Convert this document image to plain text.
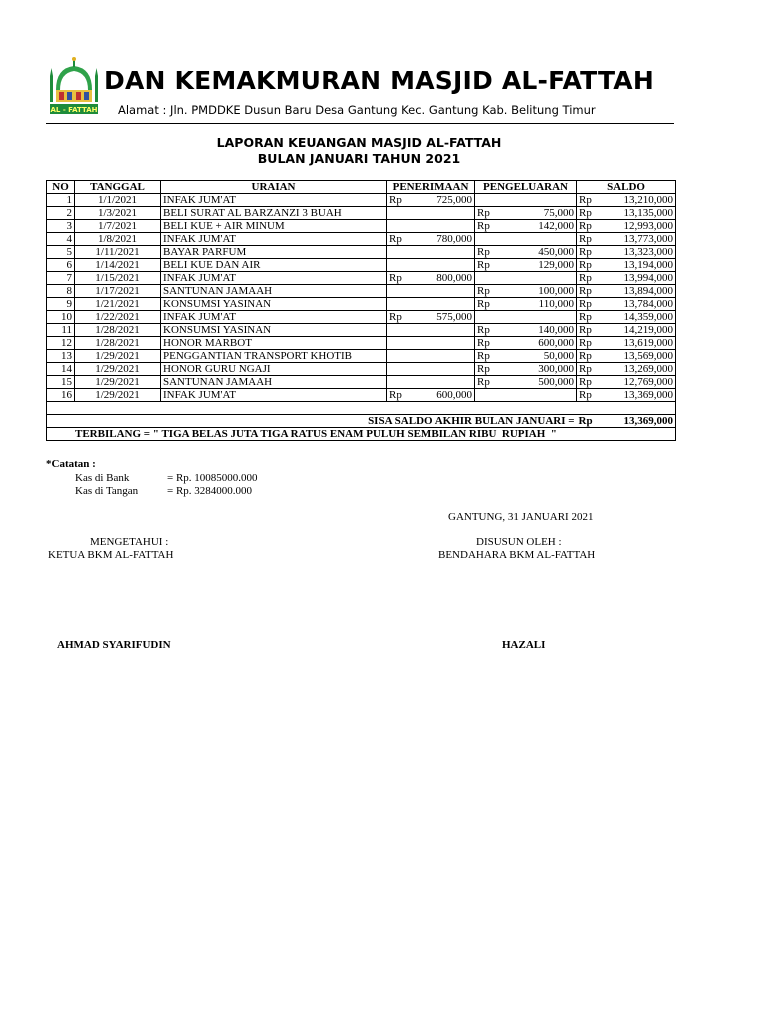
AL - FATTAH
DAN KEMAKMURAN MASJID AL-FATTAH
Alamat : Jln. PMDDKE Dusun Baru Desa Gantung Kec. Gantung Kab. Belitung Timur
LAPORAN KEUANGAN MASJID AL-FATTAH
BULAN JANUARI TAHUN 2021
NO	TANGGAL	URAIAN	PENERIMAAN		PENGELUARAN		SALDO	
1	1/1/2021	INFAK JUM'AT	Rp	725,000			Rp	13,210,000
2	1/3/2021	BELI SURAT AL BARZANZI 3 BUAH			Rp	75,000	Rp	13,135,000
3	1/7/2021	BELI KUE + AIR MINUM			Rp	142,000	Rp	12,993,000
4	1/8/2021	INFAK JUM'AT	Rp	780,000			Rp	13,773,000
5	1/11/2021	BAYAR PARFUM			Rp	450,000	Rp	13,323,000
6	1/14/2021	BELI KUE DAN AIR			Rp	129,000	Rp	13,194,000
7	1/15/2021	INFAK JUM'AT	Rp	800,000			Rp	13,994,000
8	1/17/2021	SANTUNAN JAMAAH			Rp	100,000	Rp	13,894,000
9	1/21/2021	KONSUMSI YASINAN			Rp	110,000	Rp	13,784,000
10	1/22/2021	INFAK JUM'AT	Rp	575,000			Rp	14,359,000
11	1/28/2021	KONSUMSI YASINAN			Rp	140,000	Rp	14,219,000
12	1/28/2021	HONOR MARBOT			Rp	600,000	Rp	13,619,000
13	1/29/2021	PENGGANTIAN TRANSPORT KHOTIB			Rp	50,000	Rp	13,569,000
14	1/29/2021	HONOR GURU NGAJI			Rp	300,000	Rp	13,269,000
15	1/29/2021	SANTUNAN JAMAAH			Rp	500,000	Rp	12,769,000
16	1/29/2021	INFAK JUM'AT	Rp	600,000			Rp	13,369,000

SISA SALDO AKHIR BULAN JANUARI =							Rp	13,369,000
TERBILANG = " TIGA BELAS JUTA TIGA RATUS ENAM PULUH SEMBILAN RIBU  RUPIAH  "								
*Catatan :
Kas di Bank	= Rp. 10085000.000
Kas di Tangan	= Rp. 3284000.000
GANTUNG, 31 JANUARI 2021
MENGETAHUI :
KETUA BKM AL-FATTAH
DISUSUN OLEH :
BENDAHARA BKM AL-FATTAH
AHMAD SYARIFUDIN	HAZALI
